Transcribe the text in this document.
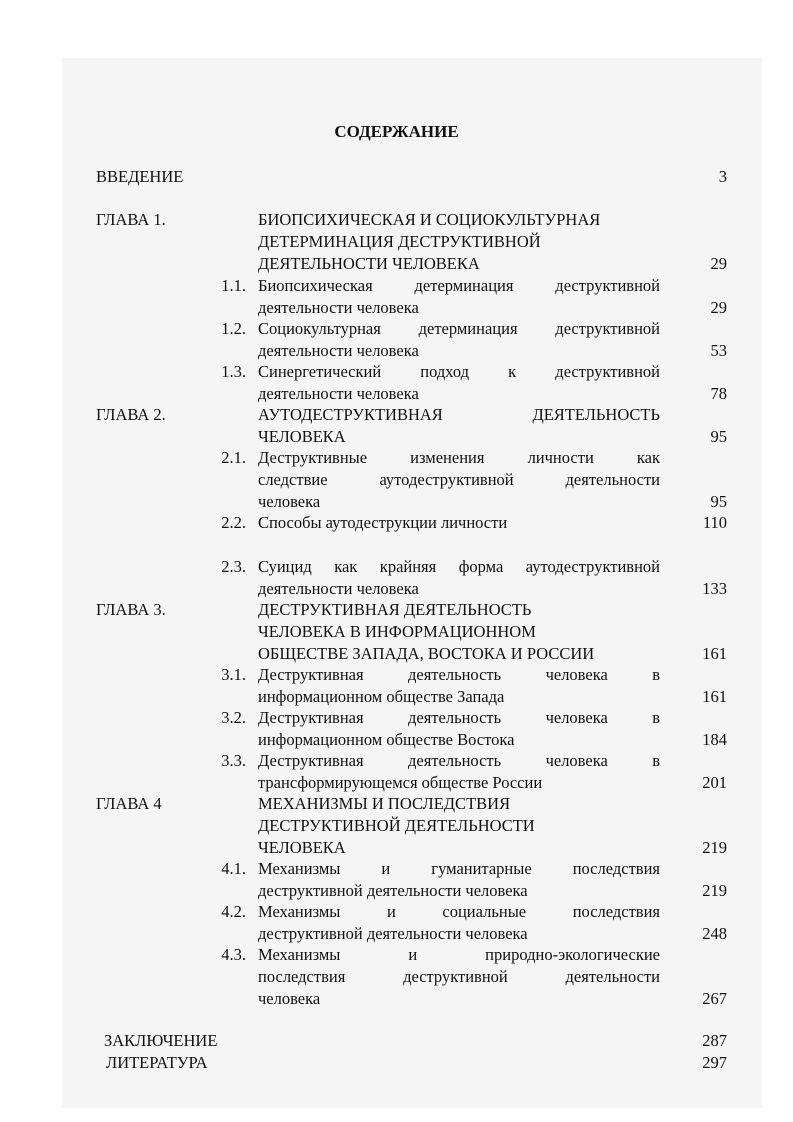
СОДЕРЖАНИЕ
ВВЕДЕНИЕ	3
ГЛАВА 1.	БИОПСИХИЧЕСКАЯ И СОЦИОКУЛЬТУРНАЯ
ДЕТЕРМИНАЦИЯ ДЕСТРУКТИВНОЙ
ДЕЯТЕЛЬНОСТИ ЧЕЛОВЕКА	29
1.1. Биопсихическая детерминация деструктивной
деятельности человека	29
1.2. Социокультурная детерминация деструктивной
деятельности человека	53
1.3. Синергетический подход к деструктивной
деятельности человека	78
ГЛАВА 2.	АУТОДЕСТРУКТИВНАЯ ДЕЯТЕЛЬНОСТЬ
ЧЕЛОВЕКА	95
2.1. Деструктивные изменения личности как
следствие аутодеструктивной деятельности
человека	95
2.2. Способы аутодеструкции личности	110
2.3. Суицид как крайняя форма аутодеструктивной
деятельности человека	133
ГЛАВА 3.	ДЕСТРУКТИВНАЯ ДЕЯТЕЛЬНОСТЬ
ЧЕЛОВЕКА В ИНФОРМАЦИОННОМ
ОБЩЕСТВЕ ЗАПАДА, ВОСТОКА И РОССИИ	161
3.1. Деструктивная деятельность человека в
информационном обществе Запада	161
3.2. Деструктивная деятельность человека в
информационном обществе Востока	184
3.3. Деструктивная деятельность человека в
трансформирующемся обществе России	201
ГЛАВА 4	МЕХАНИЗМЫ И ПОСЛЕДСТВИЯ
ДЕСТРУКТИВНОЙ ДЕЯТЕЛЬНОСТИ
ЧЕЛОВЕКА	219
4.1. Механизмы и гуманитарные последствия
деструктивной деятельности человека	219
4.2. Механизмы и социальные последствия
деструктивной деятельности человека	248
4.3. Механизмы и природно-экологические
последствия деструктивной деятельности
человека	267
ЗАКЛЮЧЕНИЕ	287
ЛИТЕРАТУРА	297
